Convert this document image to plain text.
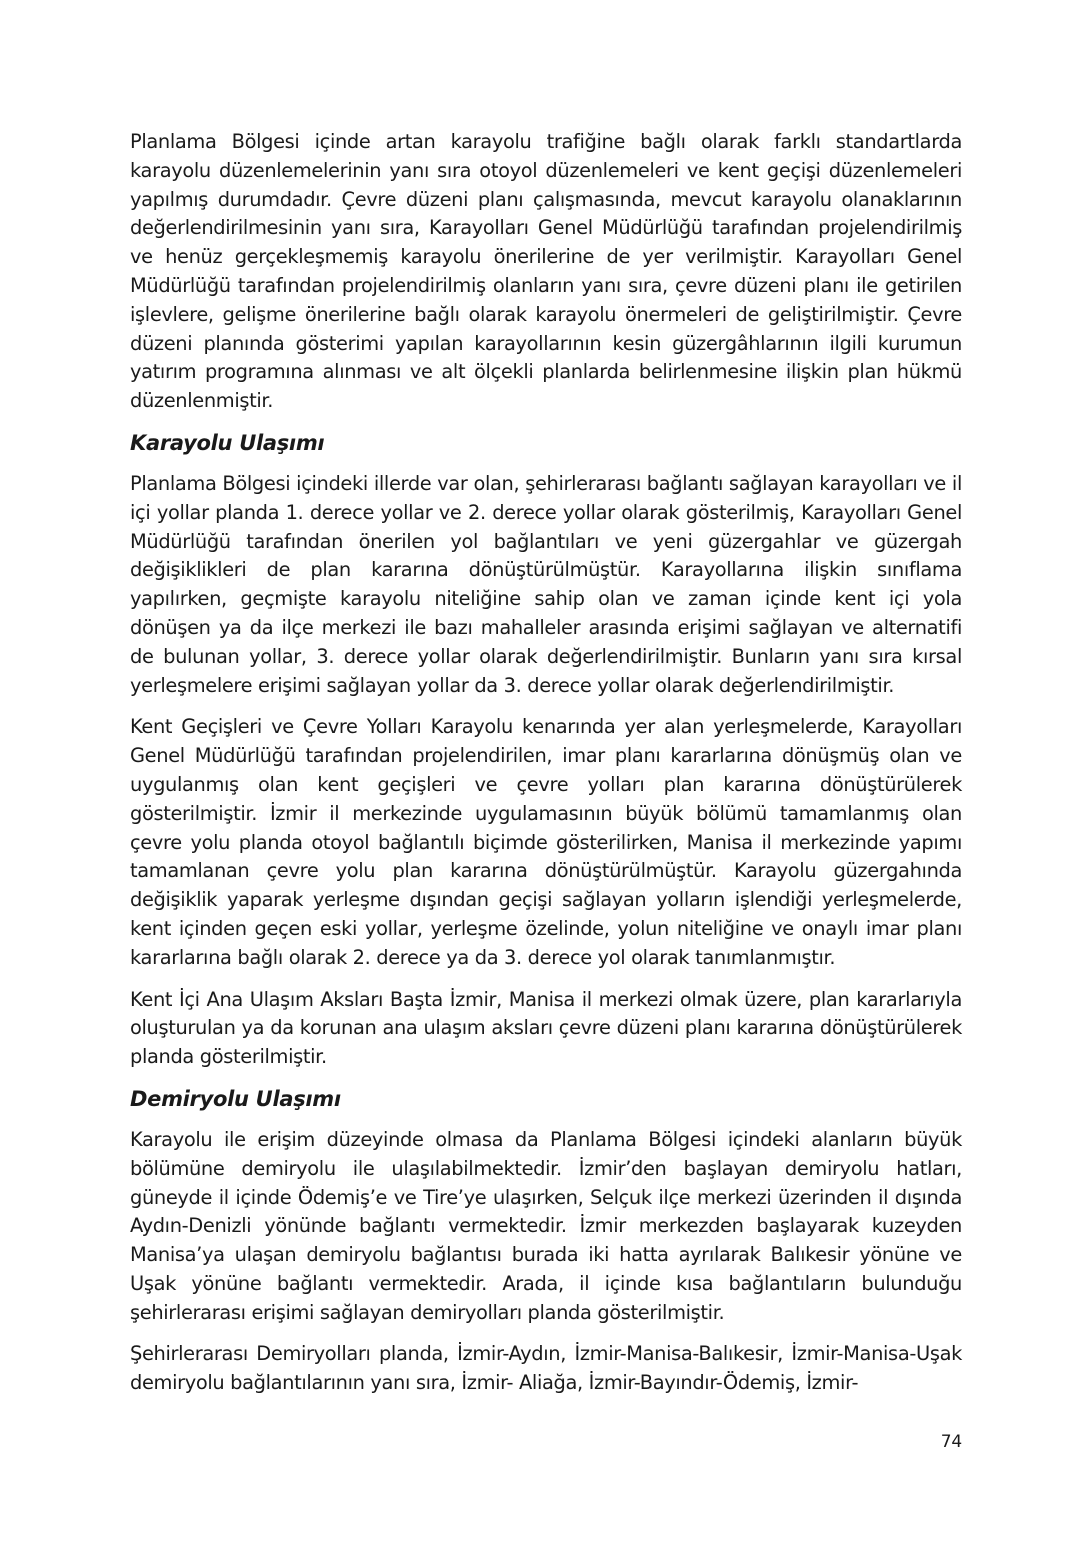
Planlama Bölgesi içinde artan karayolu trafiğine bağlı olarak farklı standartlarda karayolu düzenlemelerinin yanı sıra otoyol düzenlemeleri ve kent geçişi düzenlemeleri yapılmış durumdadır. Çevre düzeni planı çalışmasında, mevcut karayolu olanaklarının değerlendirilmesinin yanı sıra, Karayolları Genel Müdürlüğü tarafından projelendirilmiş ve henüz gerçekleşmemiş karayolu önerilerine de yer verilmiştir. Karayolları Genel Müdürlüğü tarafından projelendirilmiş olanların yanı sıra, çevre düzeni planı ile getirilen işlevlere, gelişme önerilerine bağlı olarak karayolu önermeleri de geliştirilmiştir. Çevre düzeni planında gösterimi yapılan karayollarının kesin güzergâhlarının ilgili kurumun yatırım programına alınması ve alt ölçekli planlarda belirlenmesine ilişkin plan hükmü düzenlenmiştir.

Karayolu Ulaşımı

Planlama Bölgesi içindeki illerde var olan, şehirlerarası bağlantı sağlayan karayolları ve il içi yollar planda 1. derece yollar ve 2. derece yollar olarak gösterilmiş, Karayolları Genel Müdürlüğü tarafından önerilen yol bağlantıları ve yeni güzergahlar ve güzergah değişiklikleri de plan kararına dönüştürülmüştür. Karayollarına ilişkin sınıflama yapılırken, geçmişte karayolu niteliğine sahip olan ve zaman içinde kent içi yola dönüşen ya da ilçe merkezi ile bazı mahalleler arasında erişimi sağlayan ve alternatifi de bulunan yollar, 3. derece yollar olarak değerlendirilmiştir. Bunların yanı sıra kırsal yerleşmelere erişimi sağlayan yollar da 3. derece yollar olarak değerlendirilmiştir.

Kent Geçişleri ve Çevre Yolları Karayolu kenarında yer alan yerleşmelerde, Karayolları Genel Müdürlüğü tarafından projelendirilen, imar planı kararlarına dönüşmüş olan ve uygulanmış olan kent geçişleri ve çevre yolları plan kararına dönüştürülerek gösterilmiştir. İzmir il merkezinde uygulamasının büyük bölümü tamamlanmış olan çevre yolu planda otoyol bağlantılı biçimde gösterilirken, Manisa il merkezinde yapımı tamamlanan çevre yolu plan kararına dönüştürülmüştür. Karayolu güzergahında değişiklik yaparak yerleşme dışından geçişi sağlayan yolların işlendiği yerleşmelerde, kent içinden geçen eski yollar, yerleşme özelinde, yolun niteliğine ve onaylı imar planı kararlarına bağlı olarak 2. derece ya da 3. derece yol olarak tanımlanmıştır.

Kent İçi Ana Ulaşım Aksları Başta İzmir, Manisa il merkezi olmak üzere, plan kararlarıyla oluşturulan ya da korunan ana ulaşım aksları çevre düzeni planı kararına dönüştürülerek planda gösterilmiştir.

Demiryolu Ulaşımı

Karayolu ile erişim düzeyinde olmasa da Planlama Bölgesi içindeki alanların büyük bölümüne demiryolu ile ulaşılabilmektedir. İzmir’den başlayan demiryolu hatları, güneyde il içinde Ödemiş’e ve Tire’ye ulaşırken, Selçuk ilçe merkezi üzerinden il dışında Aydın-Denizli yönünde bağlantı vermektedir. İzmir merkezden başlayarak kuzeyden Manisa’ya ulaşan demiryolu bağlantısı burada iki hatta ayrılarak Balıkesir yönüne ve Uşak yönüne bağlantı vermektedir. Arada, il içinde kısa bağlantıların bulunduğu şehirlerarası erişimi sağlayan demiryolları planda gösterilmiştir.

Şehirlerarası Demiryolları planda, İzmir-Aydın, İzmir-Manisa-Balıkesir, İzmir-Manisa-Uşak demiryolu bağlantılarının yanı sıra, İzmir- Aliağa, İzmir-Bayındır-Ödemiş, İzmir-

74
